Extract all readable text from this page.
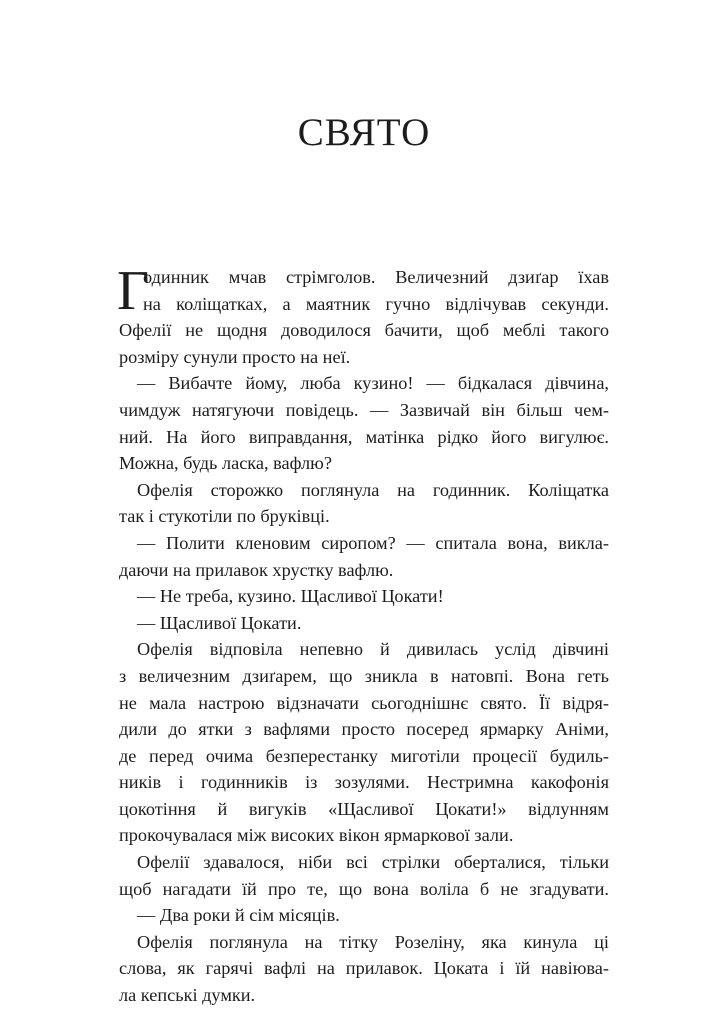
СВЯТО
Г
одинник мчав стрімголов. Величезний дзиґар їхав
на коліщатках, а маятник гучно відлічував секунди.
Офелії не щодня доводилося бачити, щоб меблі такого
розміру сунули просто на неї.
— Вибачте йому, люба кузино! — бідкалася дівчина,
чимдуж натягуючи повідець. — Зазвичай він більш чем-
ний. На його виправдання, матінка рідко його вигулює.
Можна, будь ласка, вафлю?
Офелія сторожко поглянула на годинник. Коліщатка
так і стукотіли по бруківці.
— Полити кленовим сиропом? — спитала вона, викла-
даючи на прилавок хрустку вафлю.
— Не треба, кузино. Щасливої Цокати!
— Щасливої Цокати.
Офелія відповіла непевно й дивилась услід дівчині
з величезним дзиґарем, що зникла в натовпі. Вона геть
не мала настрою відзначати сьогоднішнє свято. Її відря-
дили до ятки з вафлями просто посеред ярмарку Аніми,
де перед очима безперестанку миготіли процесії будиль-
ників і годинників із зозулями. Нестримна какофонія
цокотіння й вигуків «Щасливої Цокати!» відлунням
прокочувалася між високих вікон ярмаркової зали.
Офелії здавалося, ніби всі стрілки оберталися, тільки
щоб нагадати їй про те, що вона воліла б не згадувати.
— Два роки й сім місяців.
Офелія поглянула на тітку Розеліну, яка кинула ці
слова, як гарячі вафлі на прилавок. Цоката і їй навіюва-
ла кепські думки.
